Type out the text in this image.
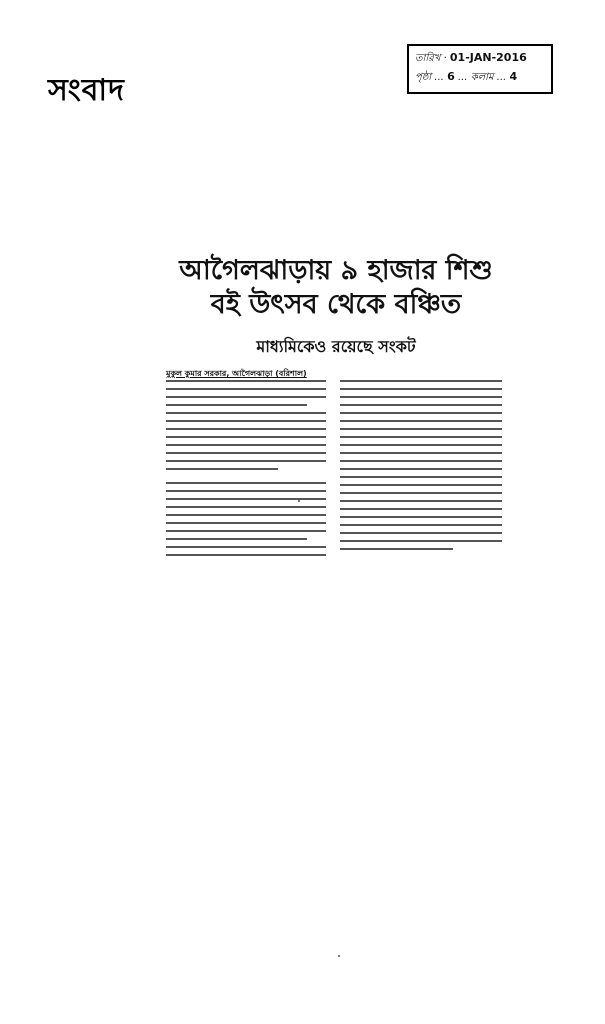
সংবাদ
তারিখ · 01-JAN-2016
পৃষ্ঠা ... 6 ... কলাম ... 4
আগৈলঝাড়ায় ৯ হাজার শিশু
বই উৎসব থেকে বঞ্চিত
মাধ্যমিকেও রয়েছে সংকট
মুকুল কুমার সরকার, আগৈলঝাড়া (বরিশাল)
